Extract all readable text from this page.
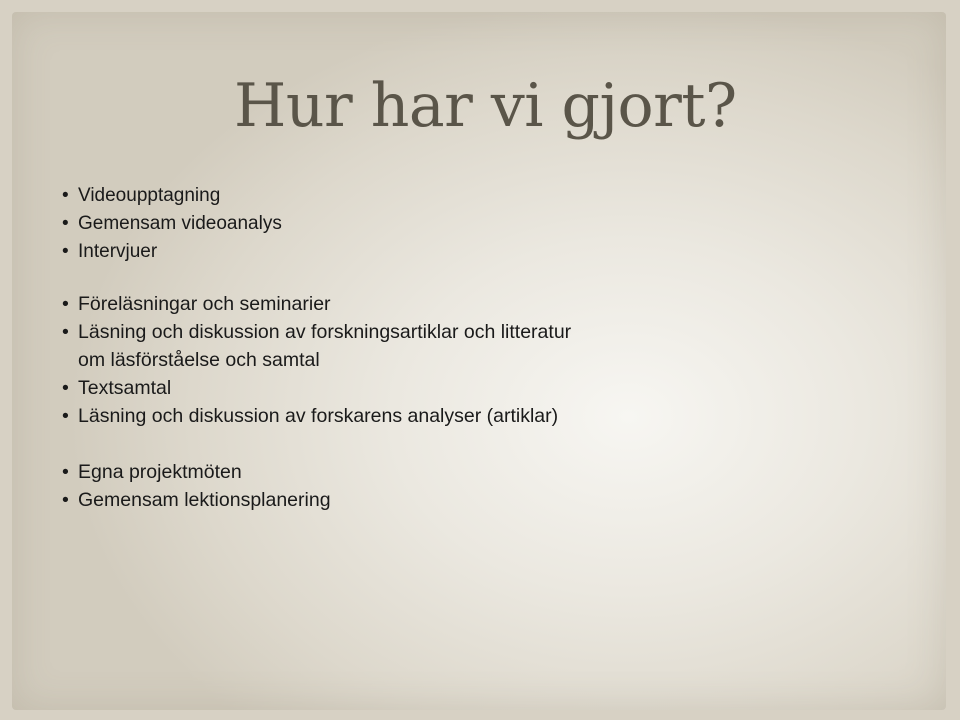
Hur har vi gjort?
• Videoupptagning
• Gemensam videoanalys
• Intervjuer
• Föreläsningar och seminarier
• Läsning och diskussion av forskningsartiklar och litteratur
om läsförståelse och samtal
• Textsamtal
• Läsning och diskussion av forskarens analyser (artiklar)
• Egna projektmöten
• Gemensam lektionsplanering
